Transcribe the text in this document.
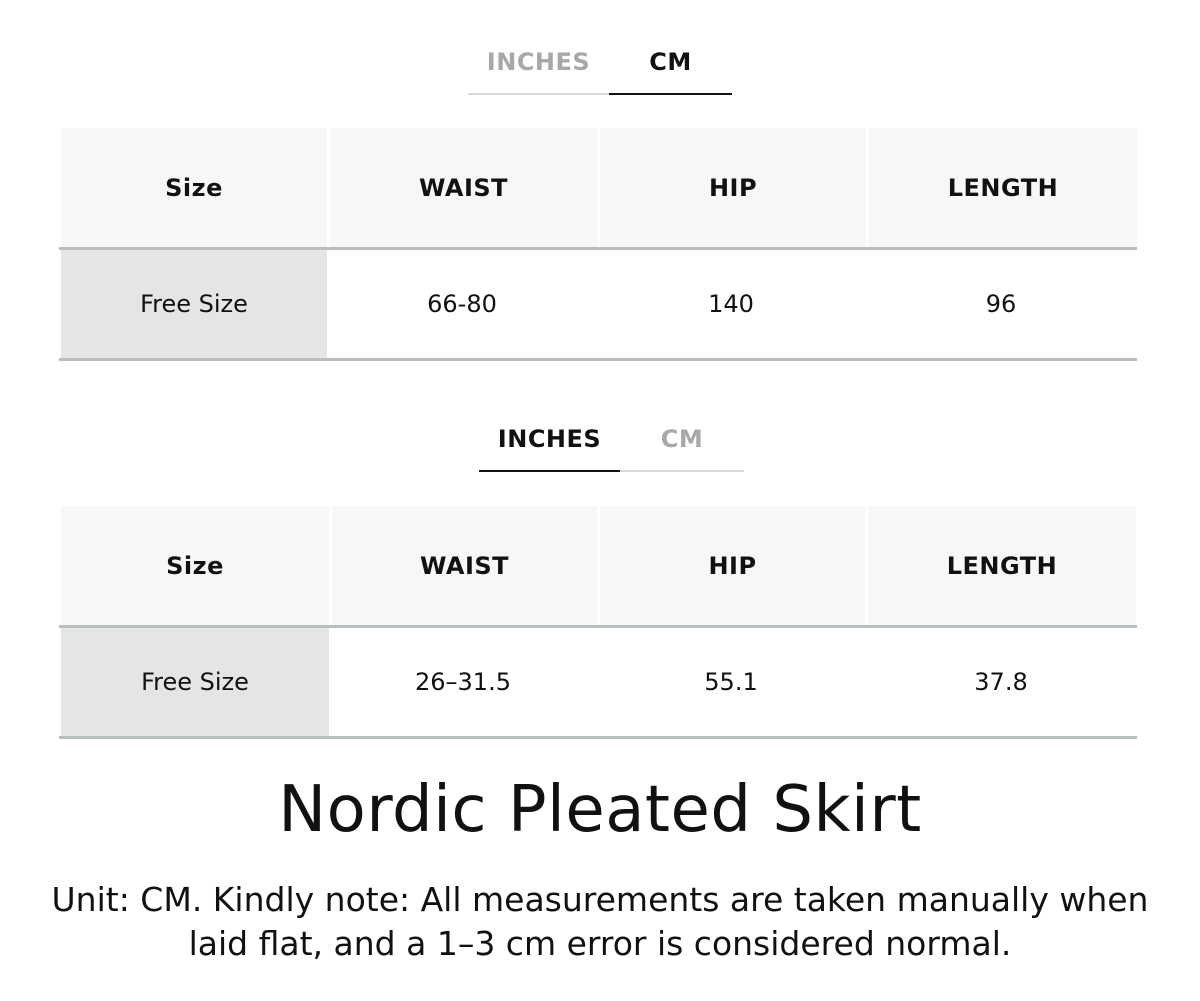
INCHES CM
Size	WAIST	HIP	LENGTH
Free Size	66-80	140	96
INCHES CM
Size	WAIST	HIP	LENGTH
Free Size	26–31.5	55.1	37.8
Nordic Pleated Skirt
Unit: CM. Kindly note: All measurements are taken manually when laid flat, and a 1–3 cm error is considered normal.
